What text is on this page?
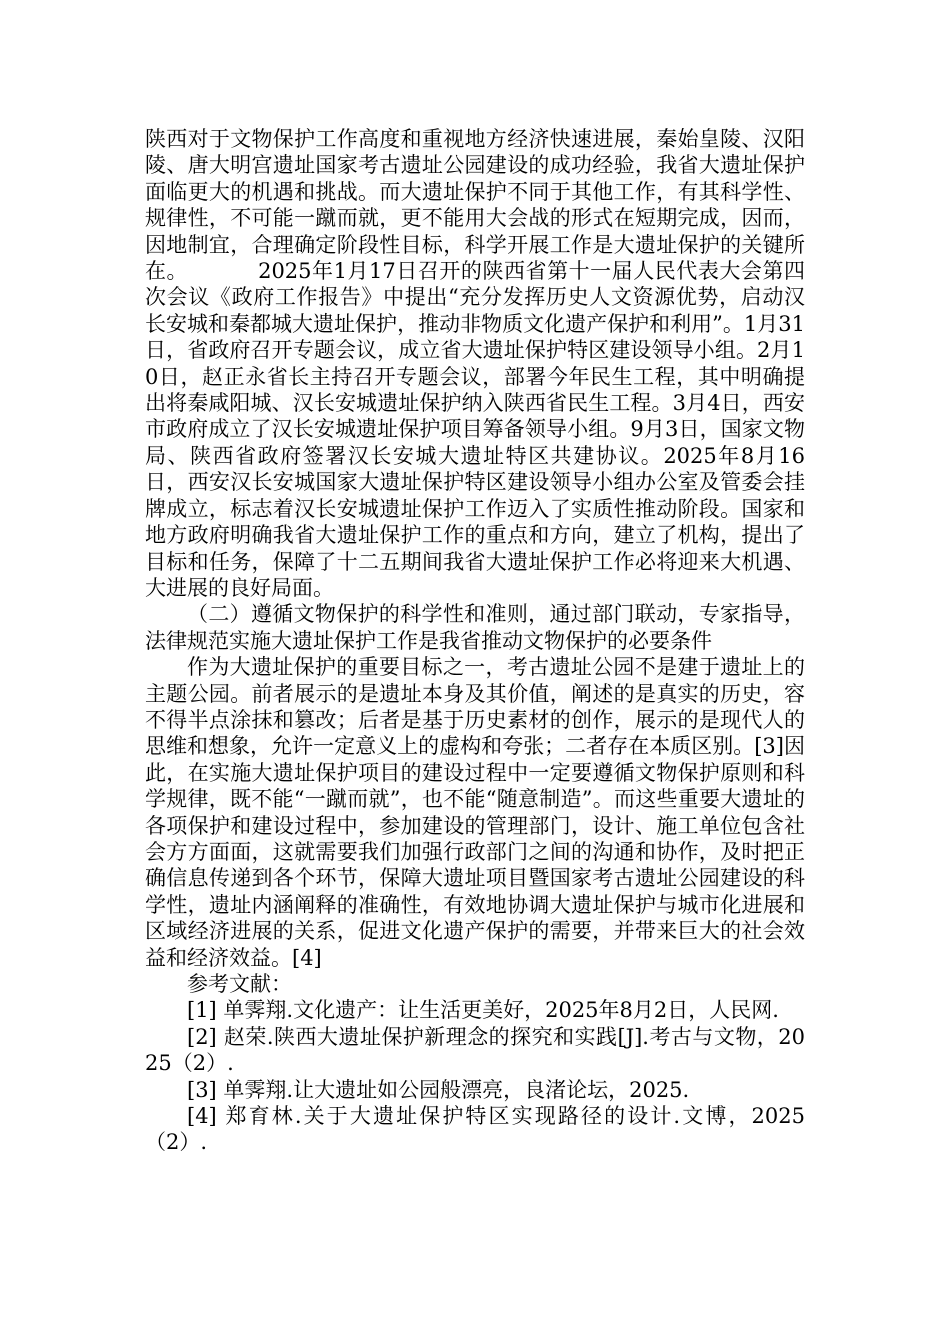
陕西对于文物保护工作高度和重视地方经济快速进展，秦始皇陵、汉阳陵、唐大明宫遗址国家考古遗址公园建设的成功经验，我省大遗址保护面临更大的机遇和挑战。而大遗址保护不同于其他工作，有其科学性、规律性，不可能一蹴而就，更不能用大会战的形式在短期完成，因而，因地制宜，合理确定阶段性目标，科学开展工作是大遗址保护的关键所在。	2025年1月17日召开的陕西省第十一届人民代表大会第四次会议《政府工作报告》中提出“充分发挥历史人文资源优势，启动汉长安城和秦都城大遗址保护，推动非物质文化遗产保护和利用”。1月31日，省政府召开专题会议，成立省大遗址保护特区建设领导小组。2月10日，赵正永省长主持召开专题会议，部署今年民生工程，其中明确提出将秦咸阳城、汉长安城遗址保护纳入陕西省民生工程。3月4日，西安市政府成立了汉长安城遗址保护项目筹备领导小组。9月3日，国家文物局、陕西省政府签署汉长安城大遗址特区共建协议。2025年8月16日，西安汉长安城国家大遗址保护特区建设领导小组办公室及管委会挂牌成立，标志着汉长安城遗址保护工作迈入了实质性推动阶段。国家和地方政府明确我省大遗址保护工作的重点和方向，建立了机构，提出了目标和任务，保障了十二五期间我省大遗址保护工作必将迎来大机遇、大进展的良好局面。

（二）遵循文物保护的科学性和准则，通过部门联动，专家指导，法律规范实施大遗址保护工作是我省推动文物保护的必要条件

作为大遗址保护的重要目标之一，考古遗址公园不是建于遗址上的主题公园。前者展示的是遗址本身及其价值，阐述的是真实的历史，容不得半点涂抹和篡改；后者是基于历史素材的创作，展示的是现代人的思维和想象，允许一定意义上的虚构和夸张；二者存在本质区别。[3]因此，在实施大遗址保护项目的建设过程中一定要遵循文物保护原则和科学规律，既不能“一蹴而就”，也不能“随意制造”。而这些重要大遗址的各项保护和建设过程中，参加建设的管理部门，设计、施工单位包含社会方方面面，这就需要我们加强行政部门之间的沟通和协作，及时把正确信息传递到各个环节，保障大遗址项目暨国家考古遗址公园建设的科学性，遗址内涵阐释的准确性，有效地协调大遗址保护与城市化进展和区域经济进展的关系，促进文化遗产保护的需要，并带来巨大的社会效益和经济效益。[4]

参考文献：

[1] 单霁翔.文化遗产：让生活更美好，2025年8月2日，人民网.

[2] 赵荣.陕西大遗址保护新理念的探究和实践[J].考古与文物，2025（2）.

[3] 单霁翔.让大遗址如公园般漂亮，良渚论坛，2025.

[4] 郑育林.关于大遗址保护特区实现路径的设计.文博，2025（2）.
